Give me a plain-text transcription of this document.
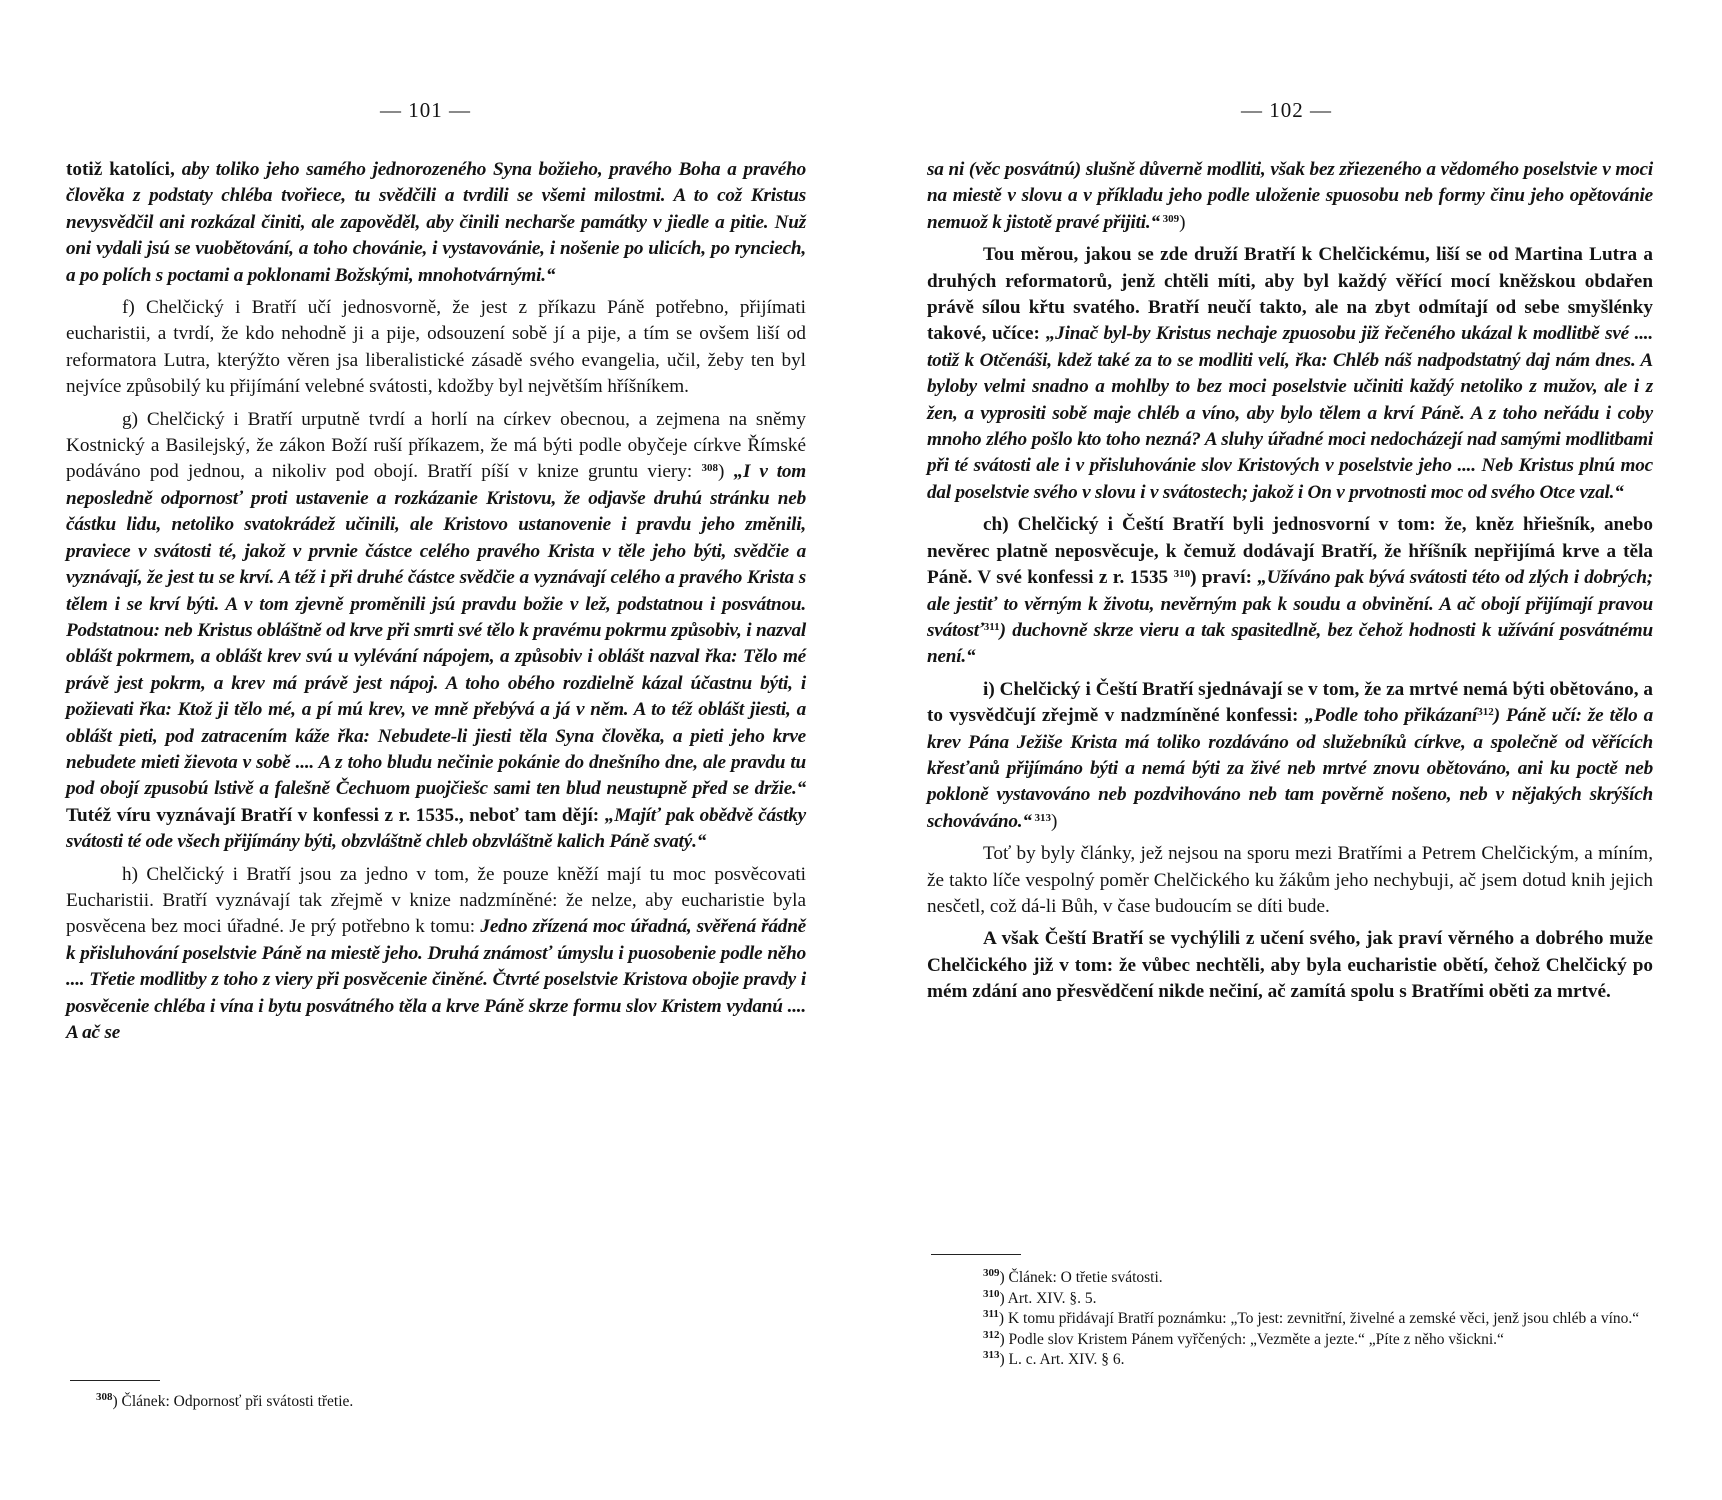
— 101 —

totiž katolíci, aby toliko jeho samého jednorozeného Syna božieho, pravého Boha a pravého člověka z podstaty chléba tvořiece, tu svědčili a tvrdili se všemi milostmi. A to což Kristus nevysvědčil ani rozkázal činiti, ale zapověděl, aby činili necharše památky v jiedle a pitie. Nuž oni vydali jsú se vuobětování, a toho chovánie, i vystavovánie, i nošenie po ulicích, po rynciech, a po polích s poctami a poklonami Božskými, mnohotvárnými.“

f) Chelčický i Bratří učí jednosvorně, že jest z příkazu Páně potřebno, přijímati eucharistii, a tvrdí, že kdo nehodně ji a pije, odsouzení sobě jí a pije, a tím se ovšem liší od reformatora Lutra, kterýžto věren jsa liberalistické zásadě svého evangelia, učil, žeby ten byl nejvíce způsobilý ku přijímání velebné svátosti, kdožby byl největším hříšníkem.

g) Chelčický i Bratří urputně tvrdí a horlí na církev obecnou, a zejmena na sněmy Kostnický a Basilejský, že zákon Boží ruší příkazem, že má býti podle obyčeje církve Římské podáváno pod jednou, a nikoliv pod obojí. Bratří píší v knize gruntu viery: $^{308}$) „I v tom neposledně odpornosť proti ustavenie a rozkázanie Kristovu, že odjavše druhú stránku neb částku lidu, netoliko svatokrádež učinili, ale Kristovo ustanovenie i pravdu jeho změnili, praviece v svátosti té, jakož v prvnie částce celého pravého Krista v těle jeho býti, svědčie a vyznávají, že jest tu se krví. A též i při druhé částce svědčie a vyznávají celého a pravého Krista s tělem i se krví býti. A v tom zjevně proměnili jsú pravdu božie v lež, podstatnou i posvátnou. Podstatnou: neb Kristus obláštně od krve při smrti své tělo k pravému pokrmu způsobiv, i nazval oblášt pokrmem, a oblášt krev svú u vylévání nápojem, a způsobiv i oblášt nazval řka: Tělo mé právě jest pokrm, a krev má právě jest nápoj. A toho obého rozdielně kázal účastnu býti, i požievati řka: Ktož ji tělo mé, a pí mú krev, ve mně přebývá a já v něm. A to též oblášt jiesti, a oblášt pieti, pod zatracením káže řka: Nebudete-li jiesti těla Syna člověka, a pieti jeho krve nebudete mieti žievota v sobě .... A z toho bludu nečinie pokánie do dnešního dne, ale pravdu tu pod obojí zpusobú lstivě a falešně Čechuom puojčiešc sami ten blud neustupně před se držie.“ Tutéž víru vyznávají Bratří v konfessi z r. 1535., neboť tam dějí: „Majíť pak obědvě částky svátosti té ode všech přijímány býti, obzvláštně chleb obzvláštně kalich Páně svatý.“

h) Chelčický i Bratří jsou za jedno v tom, že pouze kněží mají tu moc posvěcovati Eucharistii. Bratří vyznávají tak zřejmě v knize nadzmíněné: že nelze, aby eucharistie byla posvěcena bez moci úřadné. Je prý potřebno k tomu: Jedno zřízená moc úřadná, svěřená řádně k přisluhování poselstvie Páně na miestě jeho. Druhá známosť úmyslu i puosobenie podle něho .... Třetie modlitby z toho z viery při posvěcenie činěné. Čtvrté poselstvie Kristova obojie pravdy i posvěcenie chléba i vína i bytu posvátného těla a krve Páně skrze formu slov Kristem vydanú .... A ač se

$^{308}$) Článek: Odpornosť při svátosti třetie.

— 102 —

sa ni (věc posvátnú) slušně důverně modliti, však bez zřiezeného a vědomého poselstvie v moci na miestě v slovu a v příkladu jeho podle uloženie spuosobu neb formy činu jeho opětovánie nemuož k jistotě pravé přijiti.“ $^{309}$)

Tou měrou, jakou se zde druží Bratří k Chelčickému, liší se od Martina Lutra a druhých reformatorů, jenž chtěli míti, aby byl každý věřící mocí kněžskou obdařen právě sílou křtu svatého. Bratří neučí takto, ale na zbyt odmítají od sebe smyšlénky takové, učíce: „Jinač byl-by Kristus nechaje zpuosobu již řečeného ukázal k modlitbě své .... totiž k Otčenáši, kdež také za to se modliti velí, řka: Chléb náš nadpodstatný daj nám dnes. A byloby velmi snadno a mohlby to bez moci poselstvie učiniti každý netoliko z mužov, ale i z žen, a vyprositi sobě maje chléb a víno, aby bylo tělem a krví Páně. A z toho neřádu i coby mnoho zlého pošlo kto toho nezná? A sluhy úřadné moci nedocházejí nad samými modlitbami při té svátosti ale i v přisluhovánie slov Kristových v poselstvie jeho .... Neb Kristus plnú moc dal poselstvie svého v slovu i v svátostech; jakož i On v prvotnosti moc od svého Otce vzal.“

ch) Chelčický i Čeští Bratří byli jednosvorní v tom: že, kněz hřiešník, anebo nevěrec platně neposvěcuje, k čemuž dodávají Bratří, že hříšník nepřijímá krve a těla Páně. V své konfessi z r. 1535 $^{310}$) praví: „Užíváno pak bývá svátosti této od zlých i dobrých; ale jestiť to věrným k životu, nevěrným pak k soudu a obvinění. A ač obojí přijímají pravou svátosť$^{311}$) duchovně skrze vieru a tak spasitedlně, bez čehož hodnosti k užívání posvátnému není.“

i) Chelčický i Čeští Bratří sjednávají se v tom, že za mrtvé nemá býti obětováno, a to vysvědčují zřejmě v nadzmíněné konfessi: „Podle toho přikázaní$^{312}$) Páně učí: že tělo a krev Pána Ježiše Krista má toliko rozdáváno od služebníků církve, a společně od věřících křesťanů přijímáno býti a nemá býti za živé neb mrtvé znovu obětováno, ani ku poctě neb pokloně vystavováno neb pozdvihováno neb tam pověrně nošeno, neb v nějakých skrýších schováváno.“ $^{313}$)

Toť by byly články, jež nejsou na sporu mezi Bratřími a Petrem Chelčickým, a míním, že takto líče vespolný poměr Chelčického ku žákům jeho nechybuji, ač jsem dotud knih jejich nesčetl, což dá-li Bůh, v čase budoucím se díti bude.

A však Čeští Bratří se vychýlili z učení svého, jak praví věrného a dobrého muže Chelčického již v tom: že vůbec nechtěli, aby byla eucharistie obětí, čehož Chelčický po mém zdání ano přesvědčení nikde nečiní, ač zamítá spolu s Bratřími oběti za mrtvé.

$^{309}$) Článek: O třetie svátosti.

$^{310}$) Art. XIV. §. 5.

$^{311}$) K tomu přidávají Bratří poznámku: „To jest: zevnitřní, živelné a zemské věci, jenž jsou chléb a víno.“

$^{312}$) Podle slov Kristem Pánem vyřčených: „Vezměte a jezte.“ „Píte z něho všickni.“

$^{313}$) L. c. Art. XIV. § 6.
